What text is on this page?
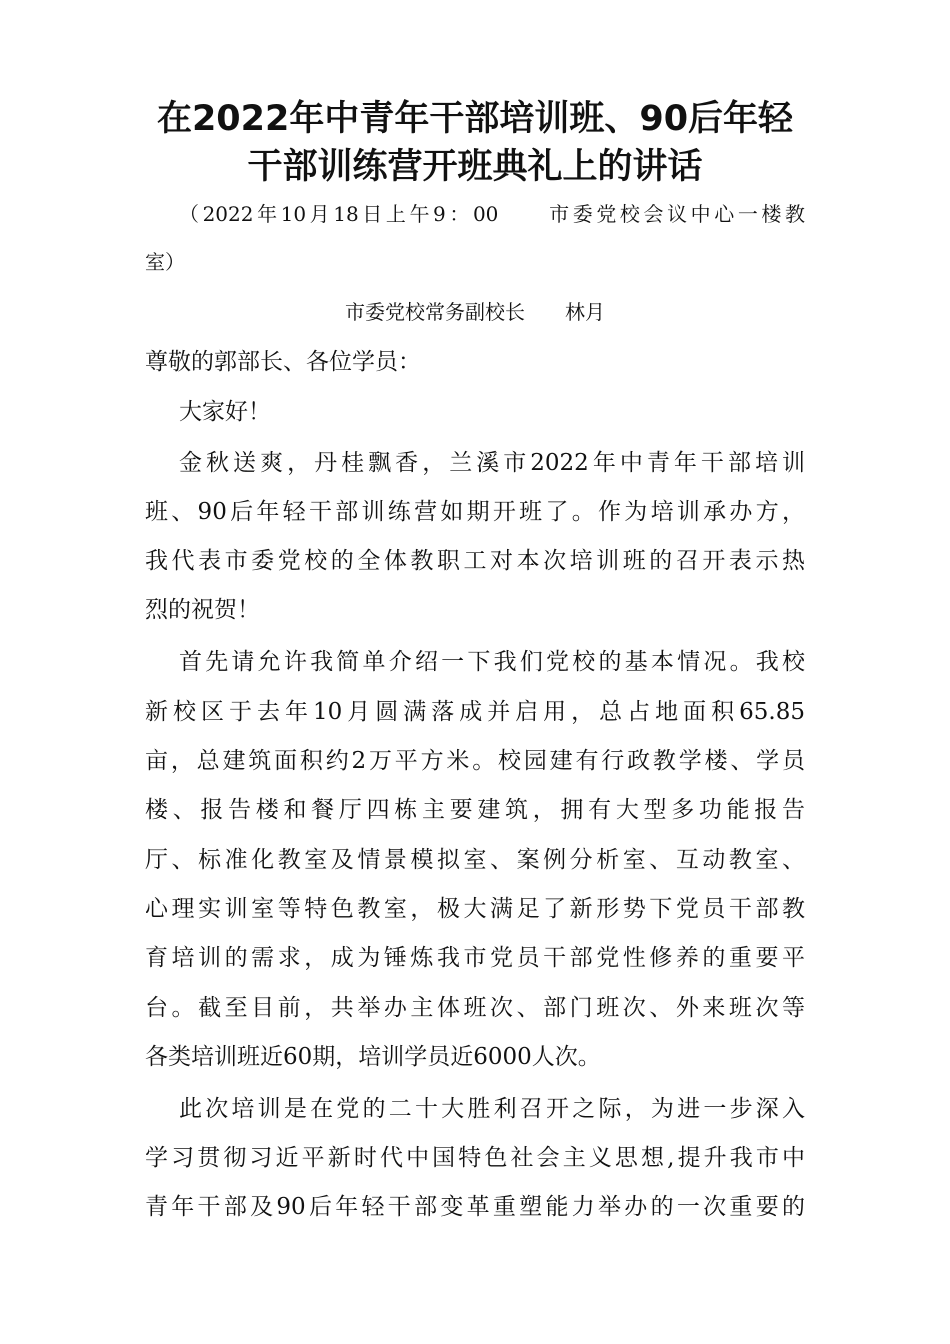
在2022年中青年干部培训班、90后年轻
干部训练营开班典礼上的讲话
（2022年10月18日上午9：00　　市委党校会议中心一楼教
室）
市委党校常务副校长　　林月
尊敬的郭部长、各位学员：
大家好！
金秋送爽，丹桂飘香，兰溪市2022年中青年干部培训
班、90后年轻干部训练营如期开班了。作为培训承办方，
我代表市委党校的全体教职工对本次培训班的召开表示热
烈的祝贺！
首先请允许我简单介绍一下我们党校的基本情况。我校
新校区于去年10月圆满落成并启用，总占地面积65.85
亩，总建筑面积约2万平方米。校园建有行政教学楼、学员
楼、报告楼和餐厅四栋主要建筑，拥有大型多功能报告
厅、标准化教室及情景模拟室、案例分析室、互动教室、
心理实训室等特色教室，极大满足了新形势下党员干部教
育培训的需求，成为锤炼我市党员干部党性修养的重要平
台。截至目前，共举办主体班次、部门班次、外来班次等
各类培训班近60期，培训学员近6000人次。
此次培训是在党的二十大胜利召开之际，为进一步深入
学习贯彻习近平新时代中国特色社会主义思想,提升我市中
青年干部及90后年轻干部变革重塑能力举办的一次重要的
